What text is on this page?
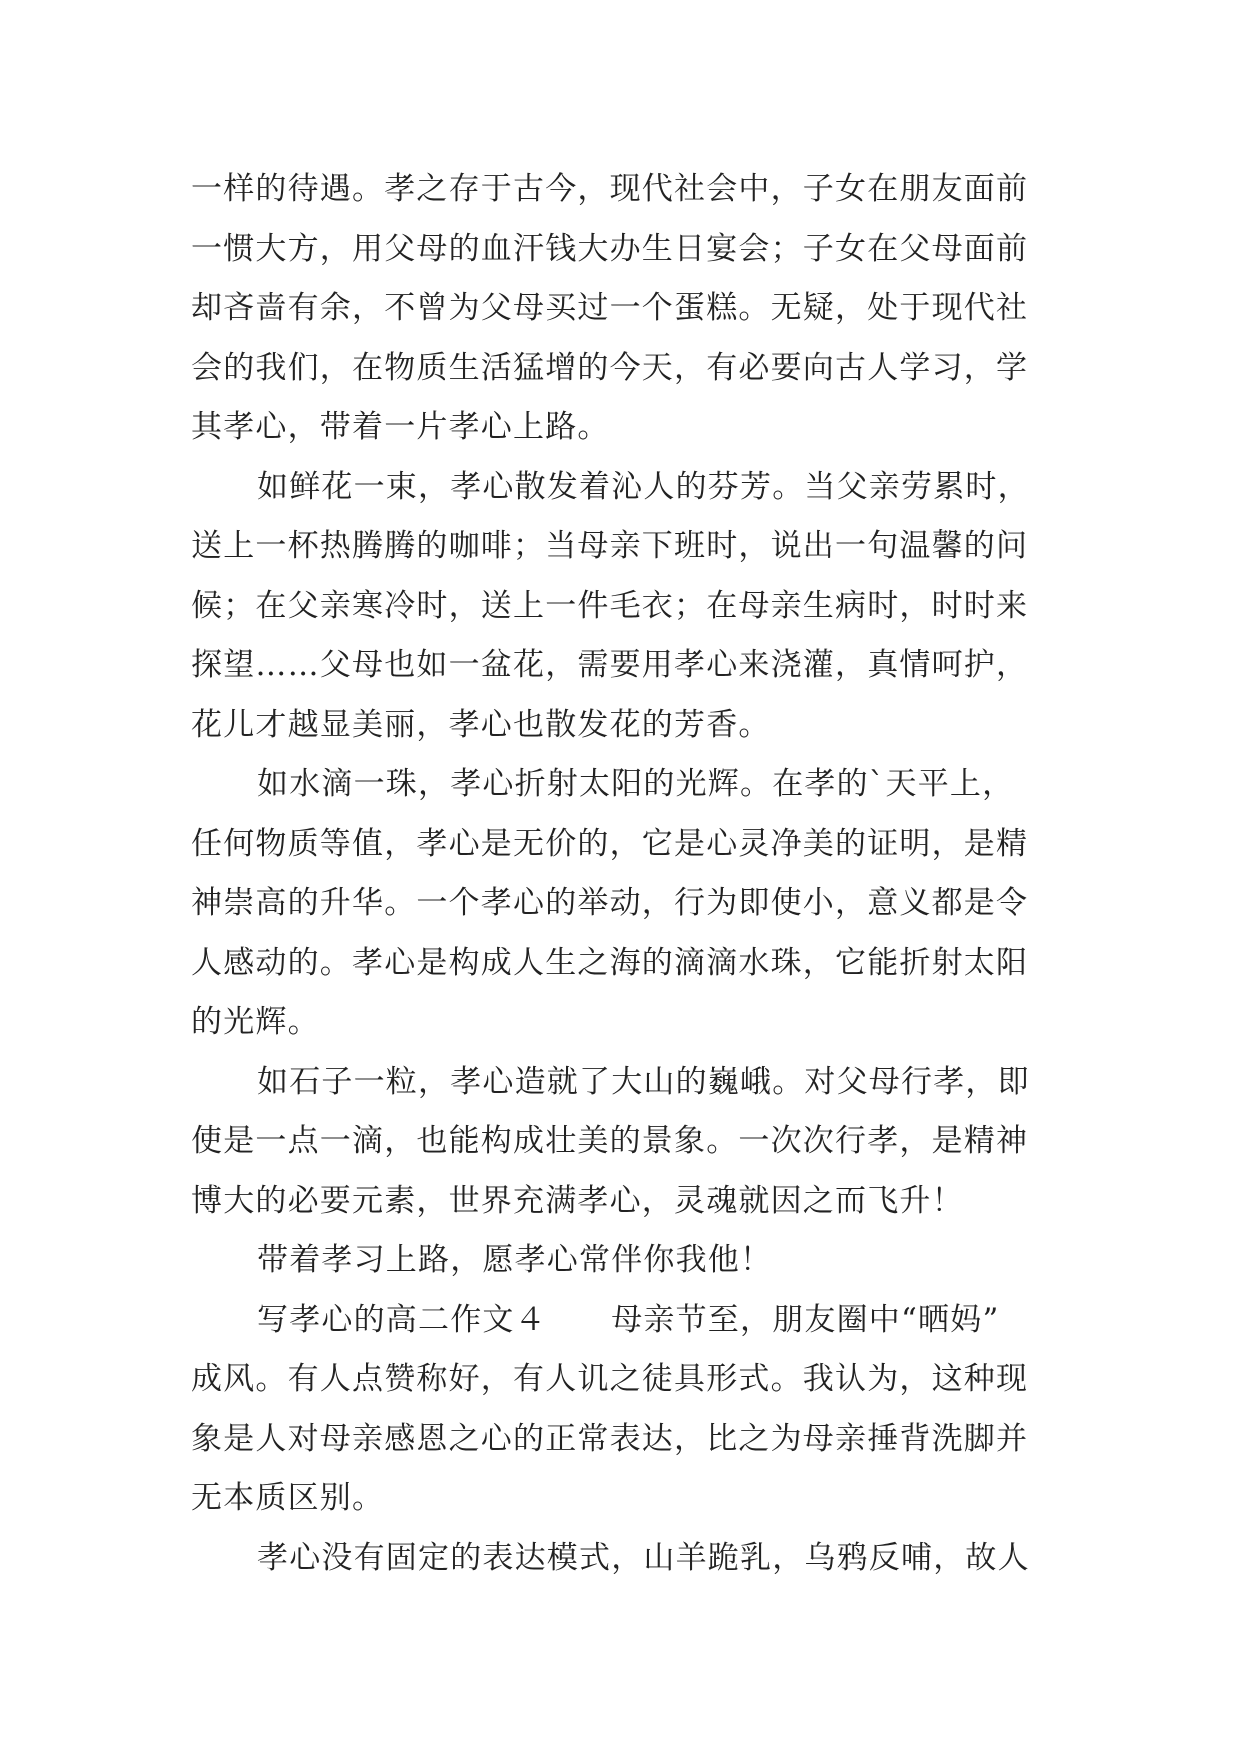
一样的待遇。孝之存于古今，现代社会中，子女在朋友面前
一惯大方，用父母的血汗钱大办生日宴会；子女在父母面前
却吝啬有余，不曾为父母买过一个蛋糕。无疑，处于现代社
会的我们，在物质生活猛增的今天，有必要向古人学习，学
其孝心，带着一片孝心上路。
如鲜花一束，孝心散发着沁人的芬芳。当父亲劳累时，
送上一杯热腾腾的咖啡；当母亲下班时，说出一句温馨的问
候；在父亲寒冷时，送上一件毛衣；在母亲生病时，时时来
探望……父母也如一盆花，需要用孝心来浇灌，真情呵护，
花儿才越显美丽，孝心也散发花的芳香。
如水滴一珠，孝心折射太阳的光辉。在孝的`天平上，
任何物质等值，孝心是无价的，它是心灵净美的证明，是精
神崇高的升华。一个孝心的举动，行为即使小，意义都是令
人感动的。孝心是构成人生之海的滴滴水珠，它能折射太阳
的光辉。
如石子一粒，孝心造就了大山的巍峨。对父母行孝，即
使是一点一滴，也能构成壮美的景象。一次次行孝，是精神
博大的必要元素，世界充满孝心，灵魂就因之而飞升！
带着孝习上路，愿孝心常伴你我他！
写孝心的高二作文４　　母亲节至，朋友圈中“晒妈”
成风。有人点赞称好，有人讥之徒具形式。我认为，这种现
象是人对母亲感恩之心的正常表达，比之为母亲捶背洗脚并
无本质区别。
孝心没有固定的表达模式，山羊跪乳，乌鸦反哺，故人
